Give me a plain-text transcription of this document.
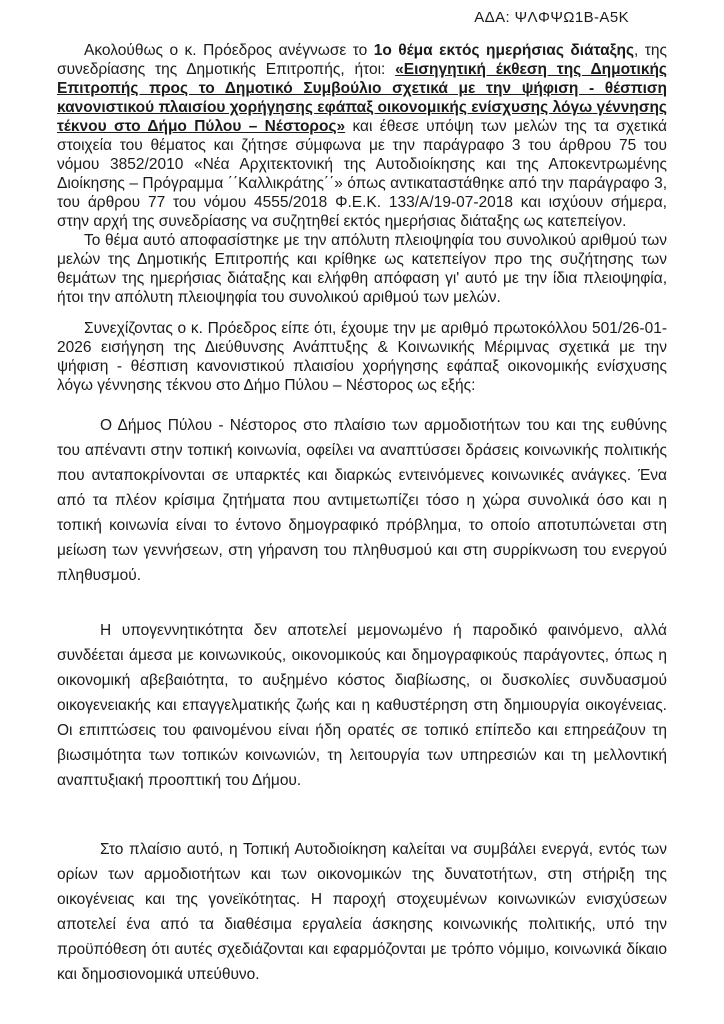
ΑΔΑ: ΨΛΦΨΩ1Β-Α5Κ

Ακολούθως ο κ. Πρόεδρος ανέγνωσε το 1ο θέμα εκτός ημερήσιας διάταξης, της συνεδρίασης της Δημοτικής Επιτροπής, ήτοι: «Εισηγητική έκθεση της Δημοτικής Επιτροπής προς το Δημοτικό Συμβούλιο σχετικά με την ψήφιση - θέσπιση κανονιστικού πλαισίου χορήγησης εφάπαξ οικονομικής ενίσχυσης λόγω γέννησης τέκνου στο Δήμο Πύλου – Νέστορος» και έθεσε υπόψη των μελών της τα σχετικά στοιχεία του θέματος και ζήτησε σύμφωνα με την παράγραφο 3 του άρθρου 75 του νόμου 3852/2010 «Νέα Αρχιτεκτονική της Αυτοδιοίκησης και της Αποκεντρωμένης Διοίκησης – Πρόγραμμα ΄΄Καλλικράτης΄΄» όπως αντικαταστάθηκε από την παράγραφο 3, του άρθρου 77 του νόμου 4555/2018 Φ.Ε.Κ. 133/Α/19-07-2018 και ισχύουν σήμερα, στην αρχή της συνεδρίασης να συζητηθεί εκτός ημερήσιας διάταξης ως κατεπείγον.

Το θέμα αυτό αποφασίστηκε με την απόλυτη πλειοψηφία του συνολικού αριθμού των μελών της Δημοτικής Επιτροπής και κρίθηκε ως κατεπείγον προ της συζήτησης των θεμάτων της ημερήσιας διάταξης και ελήφθη απόφαση γι' αυτό με την ίδια πλειοψηφία, ήτοι την απόλυτη πλειοψηφία του συνολικού αριθμού των μελών.

Συνεχίζοντας ο κ. Πρόεδρος είπε ότι, έχουμε την με αριθμό πρωτοκόλλου 501/26-01-2026 εισήγηση της Διεύθυνσης Ανάπτυξης & Κοινωνικής Μέριμνας σχετικά με την ψήφιση - θέσπιση κανονιστικού πλαισίου χορήγησης εφάπαξ οικονομικής ενίσχυσης λόγω γέννησης τέκνου στο Δήμο Πύλου – Νέστορος ως εξής:

Ο Δήμος Πύλου - Νέστορος στο πλαίσιο των αρμοδιοτήτων του και της ευθύνης του απέναντι στην τοπική κοινωνία, οφείλει να αναπτύσσει δράσεις κοινωνικής πολιτικής που ανταποκρίνονται σε υπαρκτές και διαρκώς εντεινόμενες κοινωνικές ανάγκες. Ένα από τα πλέον κρίσιμα ζητήματα που αντιμετωπίζει τόσο η χώρα συνολικά όσο και η τοπική κοινωνία είναι το έντονο δημογραφικό πρόβλημα, το οποίο αποτυπώνεται στη μείωση των γεννήσεων, στη γήρανση του πληθυσμού και στη συρρίκνωση του ενεργού πληθυσμού.

Η υπογεννητικότητα δεν αποτελεί μεμονωμένο ή παροδικό φαινόμενο, αλλά συνδέεται άμεσα με κοινωνικούς, οικονομικούς και δημογραφικούς παράγοντες, όπως η οικονομική αβεβαιότητα, το αυξημένο κόστος διαβίωσης, οι δυσκολίες συνδυασμού οικογενειακής και επαγγελματικής ζωής και η καθυστέρηση στη δημιουργία οικογένειας. Οι επιπτώσεις του φαινομένου είναι ήδη ορατές σε τοπικό επίπεδο και επηρεάζουν τη βιωσιμότητα των τοπικών κοινωνιών, τη λειτουργία των υπηρεσιών και τη μελλοντική αναπτυξιακή προοπτική του Δήμου.

Στο πλαίσιο αυτό, η Τοπική Αυτοδιοίκηση καλείται να συμβάλει ενεργά, εντός των ορίων των αρμοδιοτήτων και των οικονομικών της δυνατοτήτων, στη στήριξη της οικογένειας και της γονεϊκότητας. Η παροχή στοχευμένων κοινωνικών ενισχύσεων αποτελεί ένα από τα διαθέσιμα εργαλεία άσκησης κοινωνικής πολιτικής, υπό την προϋπόθεση ότι αυτές σχεδιάζονται και εφαρμόζονται με τρόπο νόμιμο, κοινωνικά δίκαιο και δημοσιονομικά υπεύθυνο.
